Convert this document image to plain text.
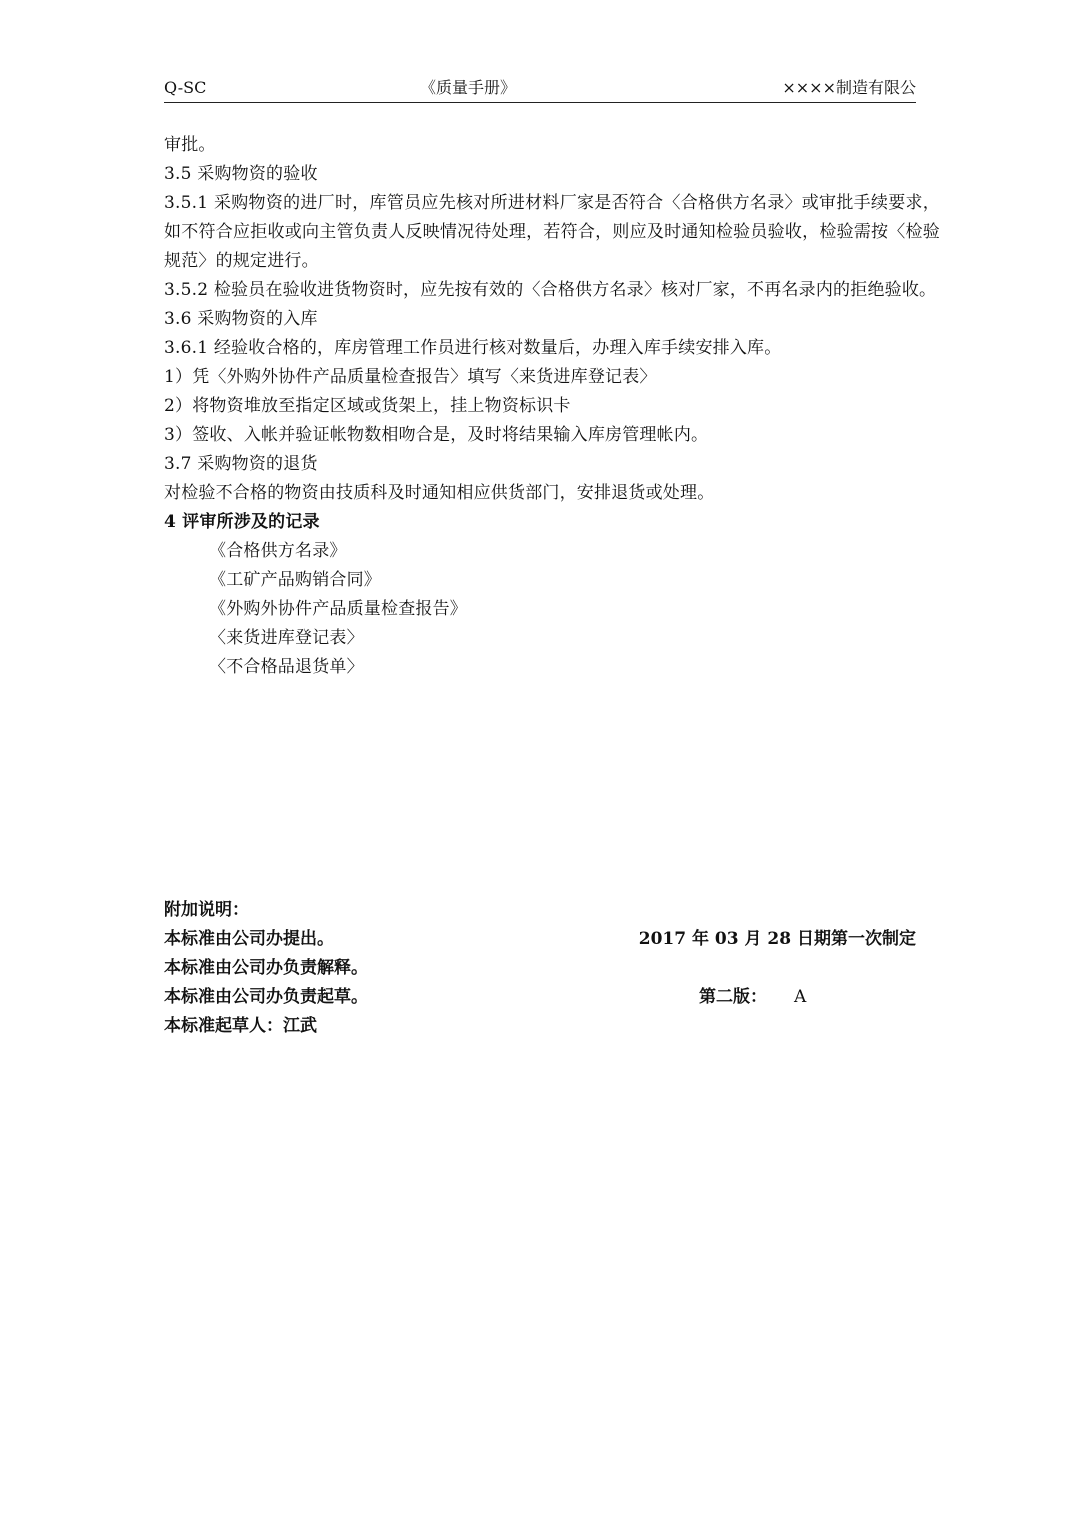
Q-SC	《质量手册》	××××制造有限公

审批。

3.5 采购物资的验收

3.5.1 采购物资的进厂时，库管员应先核对所进材料厂家是否符合〈合格供方名录〉或审批手续要求，如不符合应拒收或向主管负责人反映情况待处理，若符合，则应及时通知检验员验收，检验需按〈检验规范〉的规定进行。

3.5.2 检验员在验收进货物资时，应先按有效的〈合格供方名录〉核对厂家，不再名录内的拒绝验收。

3.6 采购物资的入库

3.6.1 经验收合格的，库房管理工作员进行核对数量后，办理入库手续安排入库。

1）凭〈外购外协件产品质量检查报告〉填写〈来货进库登记表〉

2）将物资堆放至指定区域或货架上，挂上物资标识卡

3）签收、入帐并验证帐物数相吻合是，及时将结果输入库房管理帐内。

3.7 采购物资的退货

对检验不合格的物资由技质科及时通知相应供货部门，安排退货或处理。

4 评审所涉及的记录

《合格供方名录》

《工矿产品购销合同》

《外购外协件产品质量检查报告》

〈来货进库登记表〉

〈不合格品退货单〉

附加说明：
本标准由公司办提出。	2017 年 03 月 28 日期第一次制定
本标准由公司办负责解释。
本标准由公司办负责起草。	第二版： A
本标准起草人：江武
